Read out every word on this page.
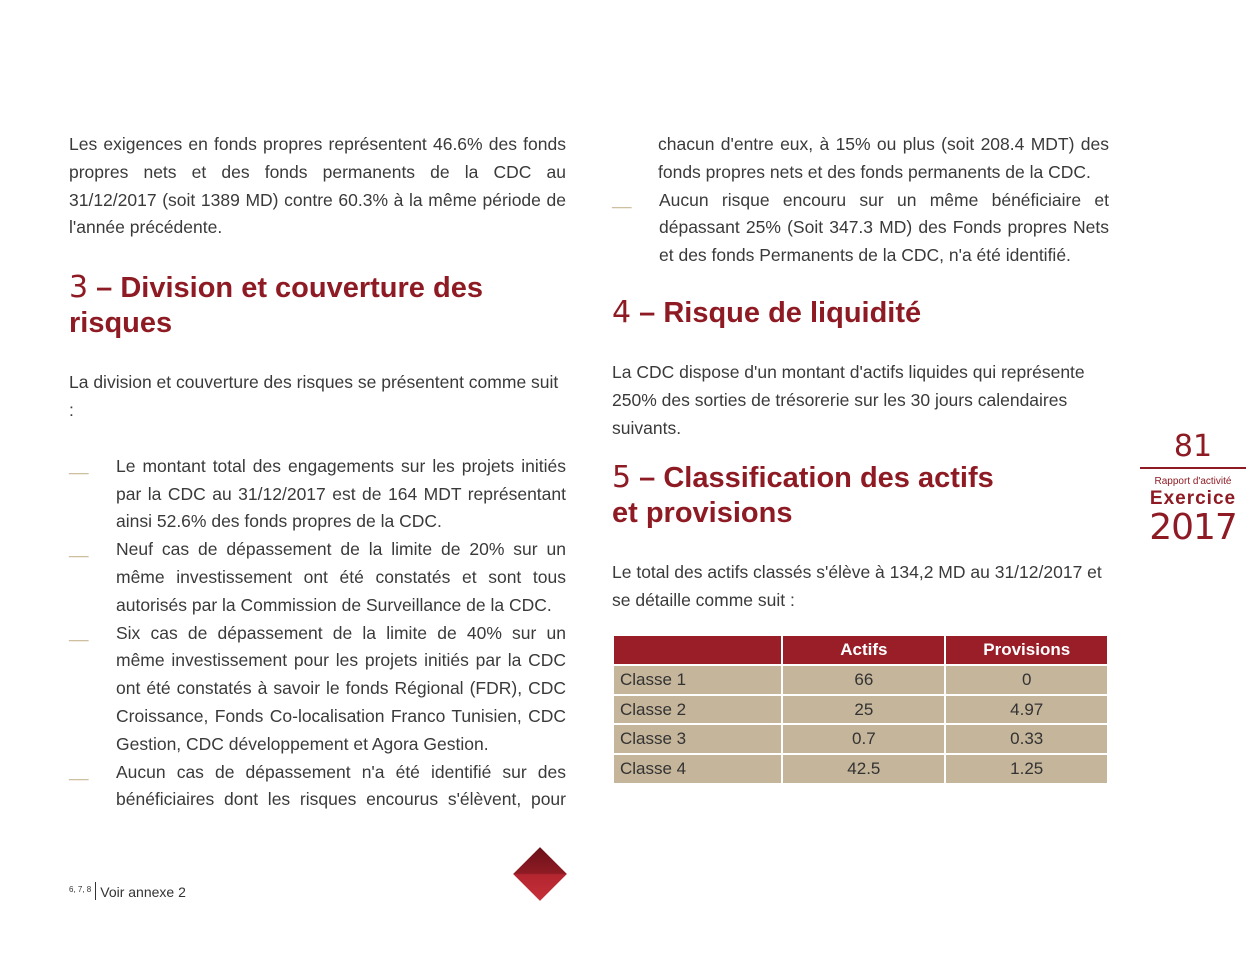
Les exigences en fonds propres représentent 46.6% des fonds propres nets et des fonds permanents de la CDC au 31/12/2017 (soit 1389 MD) contre 60.3% à la même période de l'année précédente.

3 – Division et couverture des risques

La division et couverture des risques se présentent comme suit :

__ Le montant total des engagements sur les projets initiés par la CDC au 31/12/2017 est de 164 MDT représentant ainsi 52.6% des fonds propres de la CDC.
__ Neuf cas de dépassement de la limite de 20% sur un même investissement ont été constatés et sont tous autorisés par la Commission de Surveillance de la CDC.
__ Six cas de dépassement de la limite de 40% sur un même investissement pour les projets initiés par la CDC ont été constatés à savoir le fonds Régional (FDR), CDC Croissance, Fonds Co-localisation Franco Tunisien, CDC Gestion, CDC développement et Agora Gestion.
__ Aucun cas de dépassement n'a été identifié sur des bénéficiaires dont les risques encourus s'élèvent, pour

chacun d'entre eux, à 15% ou plus (soit 208.4 MDT) des fonds propres nets et des fonds permanents de la CDC.

__ Aucun risque encouru sur un même bénéficiaire et dépassant 25% (Soit 347.3 MD) des Fonds propres Nets et des fonds Permanents de la CDC, n'a été identifié.
4 – Risque de liquidité

La CDC dispose d'un montant d'actifs liquides qui représente 250% des sorties de trésorerie sur les 30 jours calendaires suivants.

5 – Classification des actifs
et provisions

Le total des actifs classés s'élève à 134,2 MD au 31/12/2017 et se détaille comme suit :

	Actifs	Provisions
Classe 1	66	0
Classe 2	25	4.97
Classe 3	0.7	0.33
Classe 4	42.5	1.25
81
Rapport d'activité
Exercice
2017
6, 7, 8 Voir annexe 2
